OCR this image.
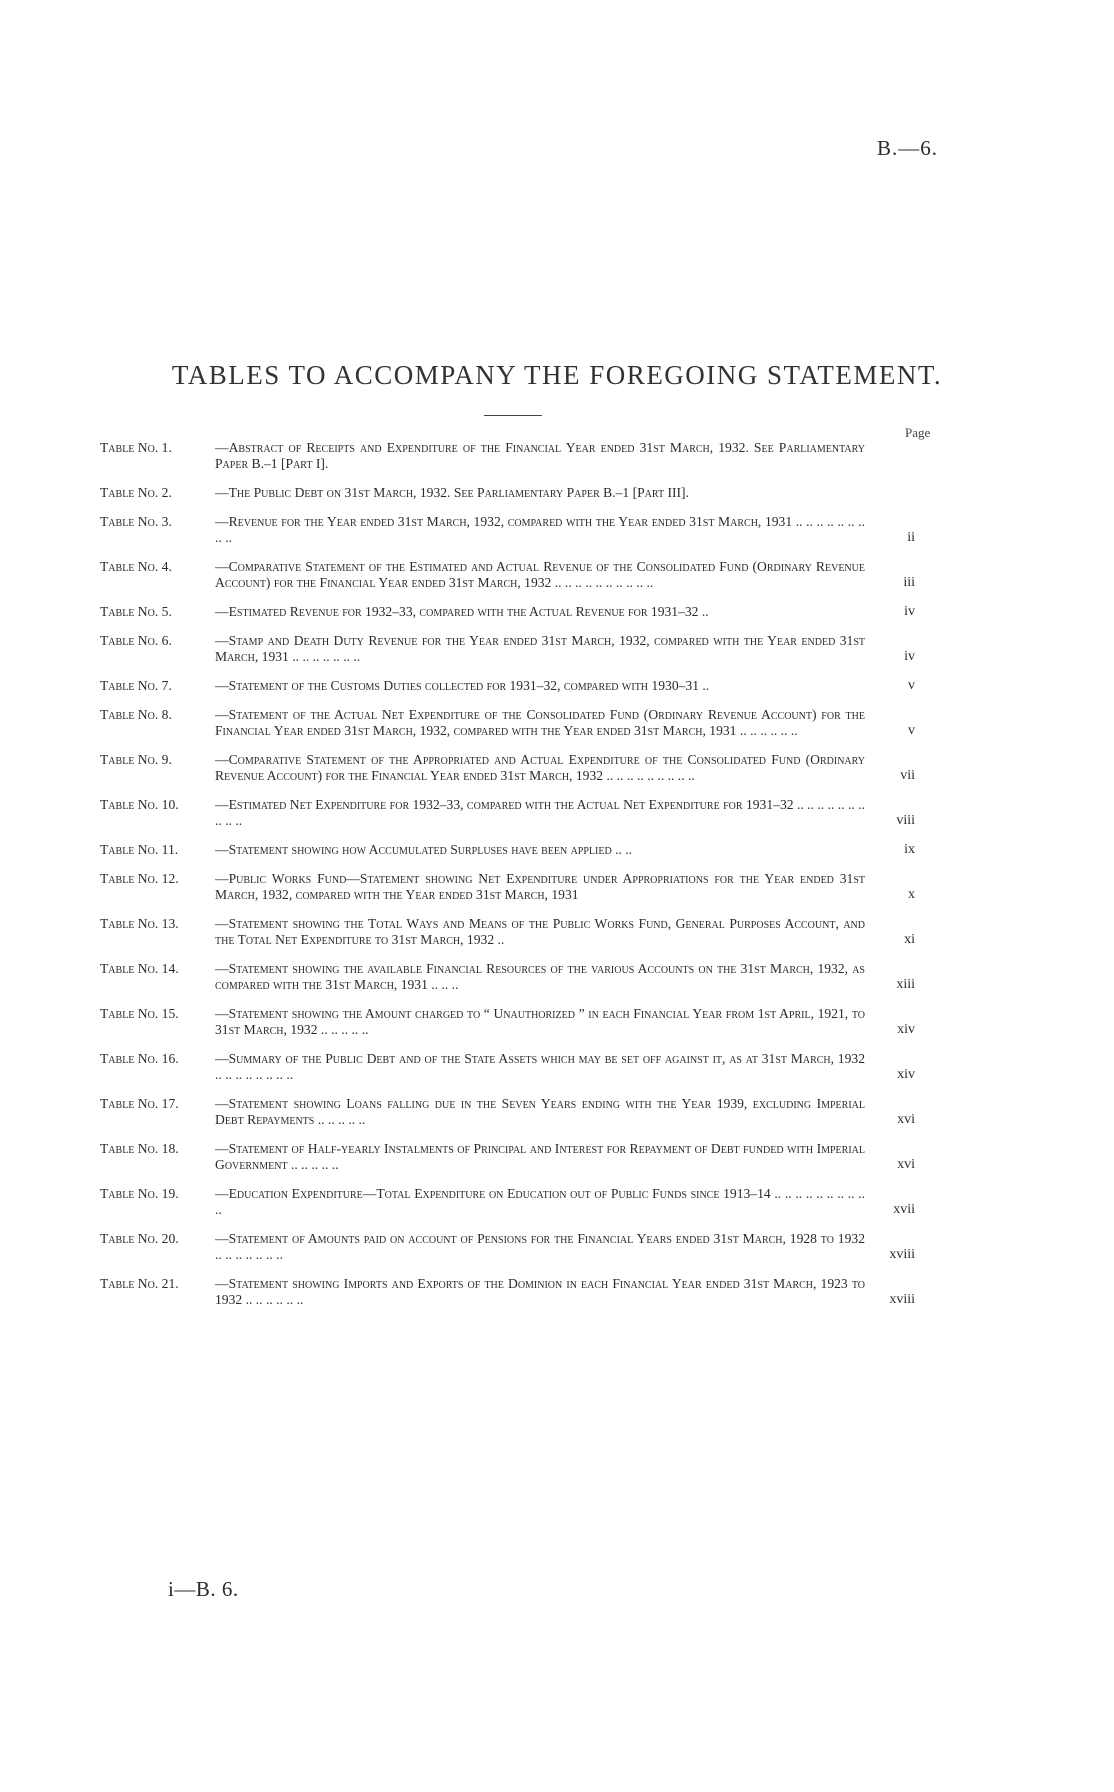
B.—6.
TABLES TO ACCOMPANY THE FOREGOING STATEMENT.
Page
Table No. 1.	—Abstract of Receipts and Expenditure of the Financial Year ended 31st March, 1932. See Parliamentary Paper B.–1 [Part I].
Table No. 2.	—The Public Debt on 31st March, 1932. See Parliamentary Paper B.–1 [Part III].
Table No. 3.	—Revenue for the Year ended 31st March, 1932, compared with the Year ended 31st March, 1931 .. .. .. .. .. .. .. .. ..	ii
Table No. 4.	—Comparative Statement of the Estimated and Actual Revenue of the Consolidated Fund (Ordinary Revenue Account) for the Financial Year ended 31st March, 1932 .. .. .. .. .. .. .. .. .. ..	iii
Table No. 5.	—Estimated Revenue for 1932–33, compared with the Actual Revenue for 1931–32 ..	iv
Table No. 6.	—Stamp and Death Duty Revenue for the Year ended 31st March, 1932, compared with the Year ended 31st March, 1931 .. .. .. .. .. .. ..	iv
Table No. 7.	—Statement of the Customs Duties collected for 1931–32, compared with 1930–31 ..	v
Table No. 8.	—Statement of the Actual Net Expenditure of the Consolidated Fund (Ordinary Revenue Account) for the Financial Year ended 31st March, 1932, compared with the Year ended 31st March, 1931 .. .. .. .. .. ..	v
Table No. 9.	—Comparative Statement of the Appropriated and Actual Expenditure of the Consolidated Fund (Ordinary Revenue Account) for the Financial Year ended 31st March, 1932 .. .. .. .. .. .. .. .. ..	vii
Table No. 10.	—Estimated Net Expenditure for 1932–33, compared with the Actual Net Expenditure for 1931–32 .. .. .. .. .. .. .. .. .. ..	viii
Table No. 11.	—Statement showing how Accumulated Surpluses have been applied .. ..	ix
Table No. 12.	—Public Works Fund—Statement showing Net Expenditure under Appropriations for the Year ended 31st March, 1932, compared with the Year ended 31st March, 1931	x
Table No. 13.	—Statement showing the Total Ways and Means of the Public Works Fund, General Purposes Account, and the Total Net Expenditure to 31st March, 1932 ..	xi
Table No. 14.	—Statement showing the available Financial Resources of the various Accounts on the 31st March, 1932, as compared with the 31st March, 1931 .. .. ..	xiii
Table No. 15.	—Statement showing the Amount charged to “ Unauthorized ” in each Financial Year from 1st April, 1921, to 31st March, 1932 .. .. .. .. ..	xiv
Table No. 16.	—Summary of the Public Debt and of the State Assets which may be set off against it, as at 31st March, 1932 .. .. .. .. .. .. .. ..	xiv
Table No. 17.	—Statement showing Loans falling due in the Seven Years ending with the Year 1939, excluding Imperial Debt Repayments .. .. .. .. ..	xvi
Table No. 18.	—Statement of Half-yearly Instalments of Principal and Interest for Repayment of Debt funded with Imperial Government .. .. .. .. ..	xvi
Table No. 19.	—Education Expenditure—Total Expenditure on Education out of Public Funds since 1913–14 .. .. .. .. .. .. .. .. .. ..	xvii
Table No. 20.	—Statement of Amounts paid on account of Pensions for the Financial Years ended 31st March, 1928 to 1932 .. .. .. .. .. .. ..	xviii
Table No. 21.	—Statement showing Imports and Exports of the Dominion in each Financial Year ended 31st March, 1923 to 1932 .. .. .. .. .. ..	xviii
i—B. 6.
